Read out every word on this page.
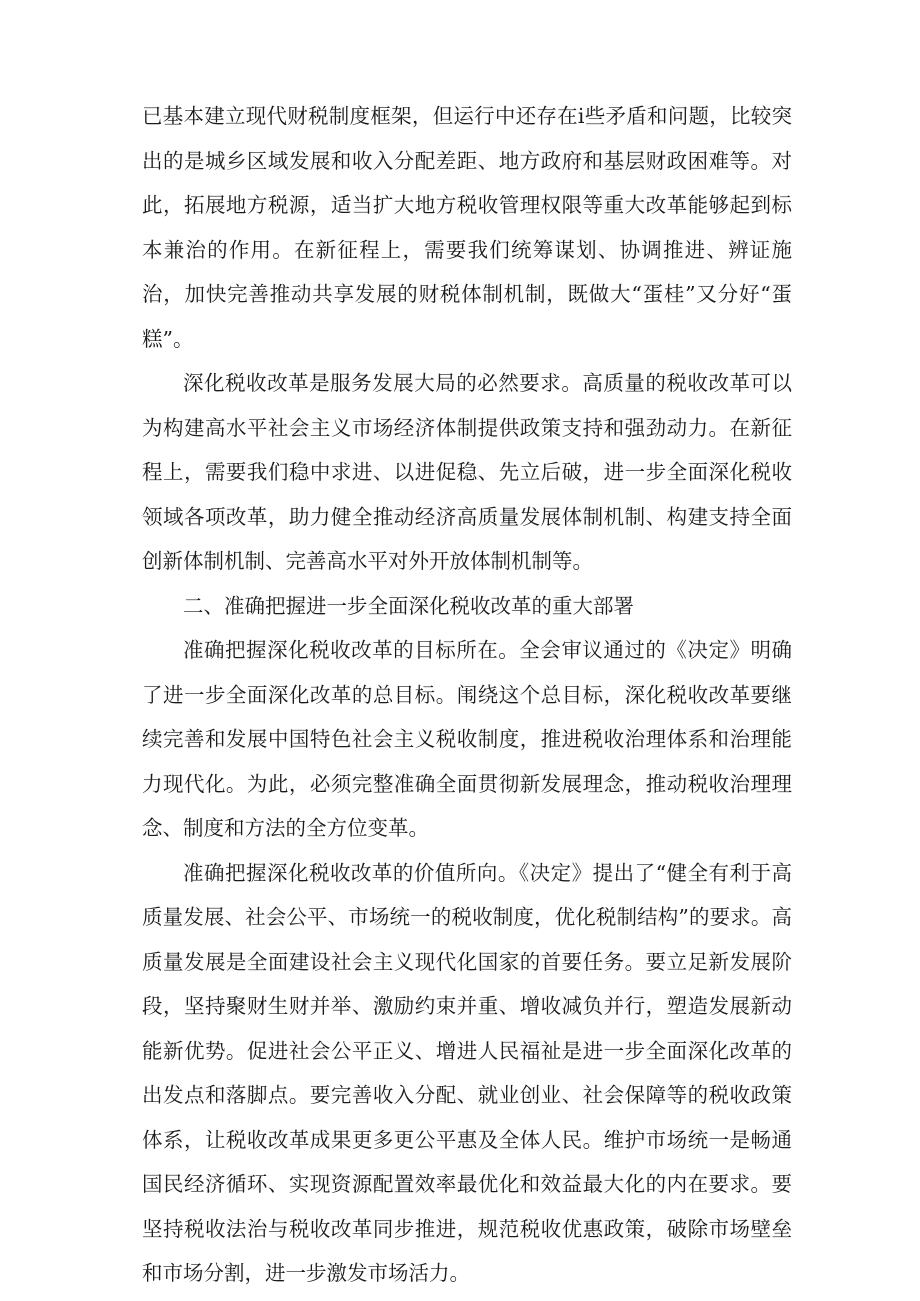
已基本建立现代财税制度框架，但运行中还存在i些矛盾和问题，比较突出的是城乡区域发展和收入分配差距、地方政府和基层财政困难等。对此，拓展地方税源，适当扩大地方税收管理权限等重大改革能够起到标本兼治的作用。在新征程上，需要我们统筹谋划、协调推进、辨证施治，加快完善推动共享发展的财税体制机制，既做大“蛋桂”又分好“蛋糕”。

深化税收改革是服务发展大局的必然要求。高质量的税收改革可以为构建高水平社会主义市场经济体制提供政策支持和强劲动力。在新征程上，需要我们稳中求进、以进促稳、先立后破，进一步全面深化税收领域各项改革，助力健全推动经济高质量发展体制机制、构建支持全面创新体制机制、完善高水平对外开放体制机制等。

二、准确把握进一步全面深化税收改革的重大部署

准确把握深化税收改革的目标所在。全会审议通过的《决定》明确了进一步全面深化改革的总目标。闱绕这个总目标，深化税收改革要继续完善和发展中国特色社会主义税收制度，推进税收治理体系和治理能力现代化。为此，必须完整准确全面贯彻新发展理念，推动税收治理理念、制度和方法的全方位变革。

准确把握深化税收改革的价值所向。《决定》提出了“健全有利于高质量发展、社会公平、市场统一的税收制度，优化税制结构”的要求。高质量发展是全面建设社会主义现代化国家的首要任务。要立足新发展阶段，坚持聚财生财并举、激励约束并重、增收减负并行，塑造发展新动能新优势。促进社会公平正义、增进人民福祉是进一步全面深化改革的出发点和落脚点。要完善收入分配、就业创业、社会保障等的税收政策体系，让税收改革成果更多更公平惠及全体人民。维护市场统一是畅通国民经济循环、实现资源配置效率最优化和效益最大化的内在要求。要坚持税收法治与税收改革同步推进，规范税收优惠政策，破除市场壁垒和市场分割，进一步激发市场活力。
